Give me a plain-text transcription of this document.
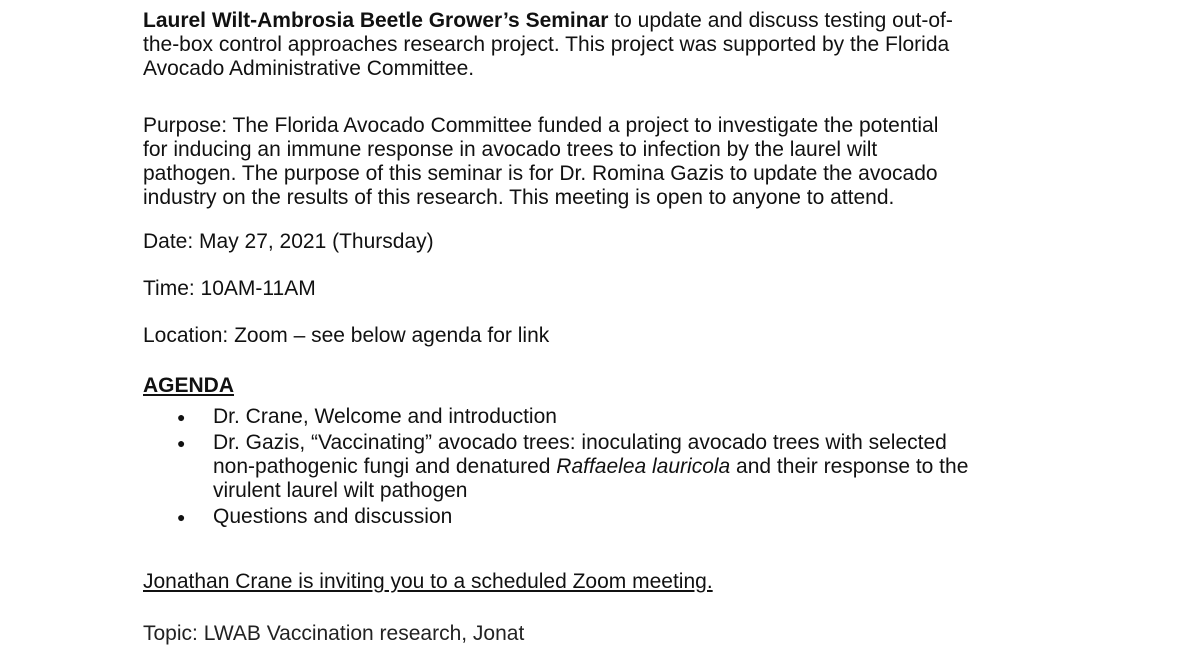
Laurel Wilt-Ambrosia Beetle Grower’s Seminar to update and discuss testing out-of-
the-box control approaches research project. This project was supported by the Florida
Avocado Administrative Committee.
Purpose: The Florida Avocado Committee funded a project to investigate the potential
for inducing an immune response in avocado trees to infection by the laurel wilt
pathogen. The purpose of this seminar is for Dr. Romina Gazis to update the avocado
industry on the results of this research. This meeting is open to anyone to attend.
Date: May 27, 2021 (Thursday)
Time: 10AM-11AM
Location: Zoom – see below agenda for link
AGENDA
● Dr. Crane, Welcome and introduction
● Dr. Gazis, “Vaccinating” avocado trees: inoculating avocado trees with selected
non-pathogenic fungi and denatured Raffaelea lauricola and their response to the
virulent laurel wilt pathogen
● Questions and discussion
Jonathan Crane is inviting you to a scheduled Zoom meeting.
Topic: LWAB Vaccination research, Jonat
